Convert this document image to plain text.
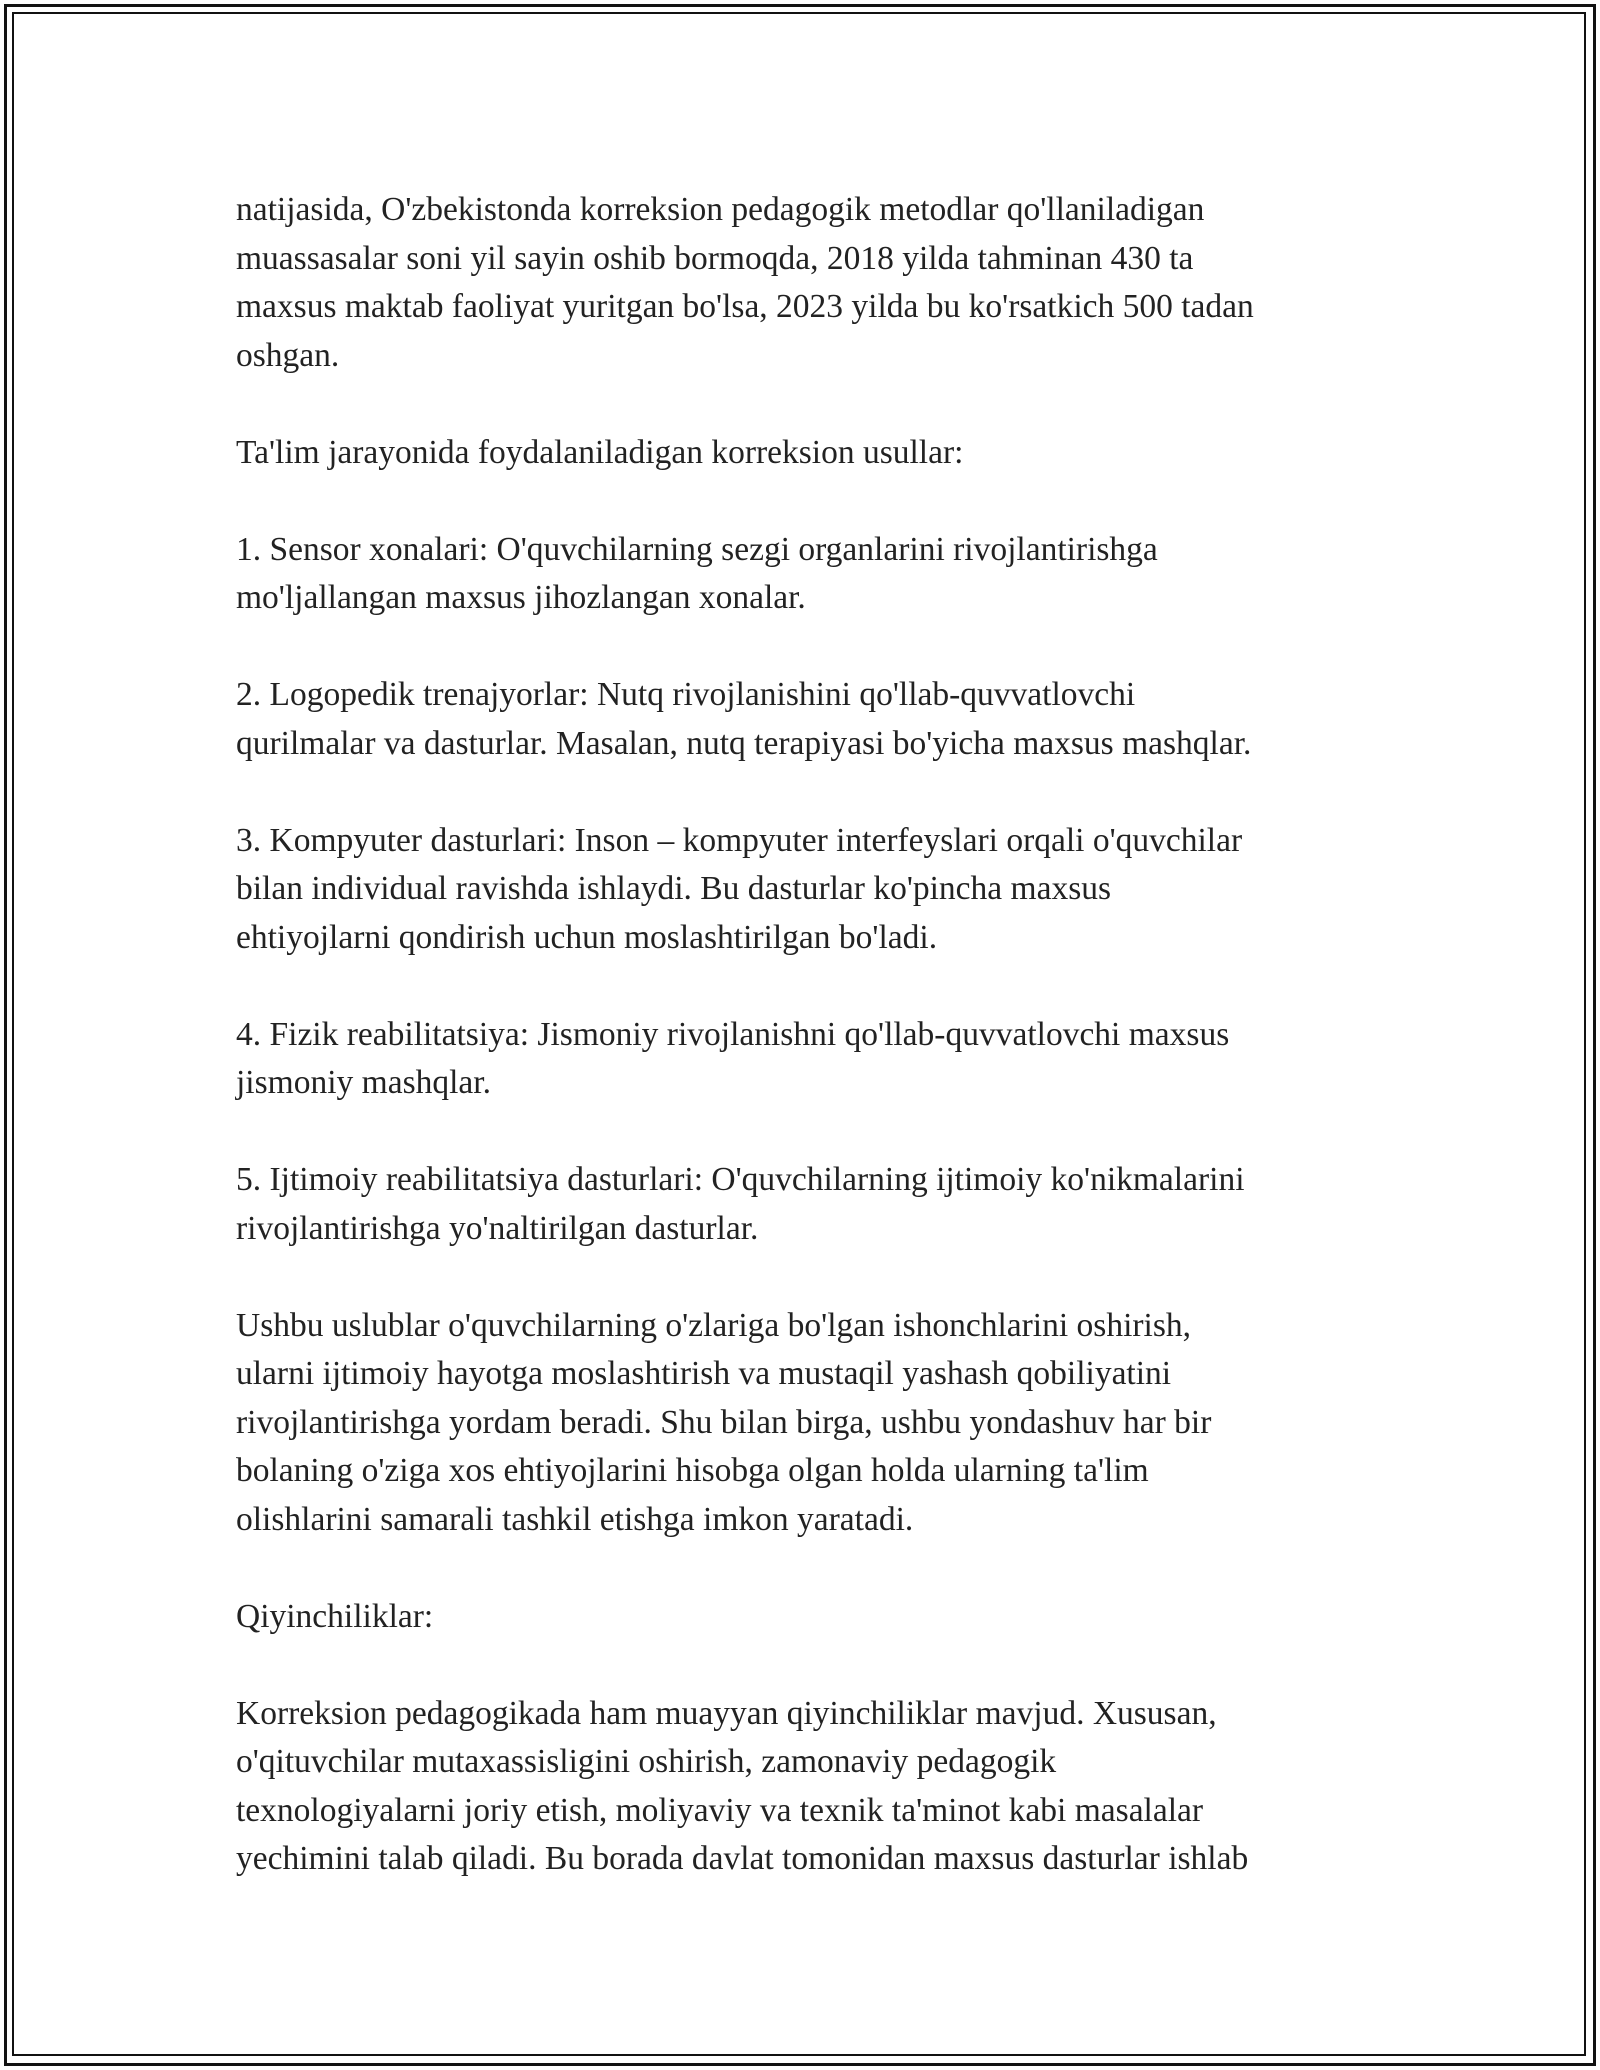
natijasida, O'zbekistonda korreksion pedagogik metodlar qo'llaniladigan
muassasalar soni yil sayin oshib bormoqda, 2018 yilda tahminan 430 ta
maxsus maktab faoliyat yuritgan bo'lsa, 2023 yilda bu ko'rsatkich 500 tadan
oshgan.
Ta'lim jarayonida foydalaniladigan korreksion usullar:
1. Sensor xonalari: O'quvchilarning sezgi organlarini rivojlantirishga
mo'ljallangan maxsus jihozlangan xonalar.
2. Logopedik trenajyorlar: Nutq rivojlanishini qo'llab-quvvatlovchi
qurilmalar va dasturlar. Masalan, nutq terapiyasi bo'yicha maxsus mashqlar.
3. Kompyuter dasturlari: Inson – kompyuter interfeyslari orqali o'quvchilar
bilan individual ravishda ishlaydi. Bu dasturlar ko'pincha maxsus
ehtiyojlarni qondirish uchun moslashtirilgan bo'ladi.
4. Fizik reabilitatsiya: Jismoniy rivojlanishni qo'llab-quvvatlovchi maxsus
jismoniy mashqlar.
5. Ijtimoiy reabilitatsiya dasturlari: O'quvchilarning ijtimoiy ko'nikmalarini
rivojlantirishga yo'naltirilgan dasturlar.
Ushbu uslublar o'quvchilarning o'zlariga bo'lgan ishonchlarini oshirish,
ularni ijtimoiy hayotga moslashtirish va mustaqil yashash qobiliyatini
rivojlantirishga yordam beradi. Shu bilan birga, ushbu yondashuv har bir
bolaning o'ziga xos ehtiyojlarini hisobga olgan holda ularning ta'lim
olishlarini samarali tashkil etishga imkon yaratadi.
Qiyinchiliklar:
Korreksion pedagogikada ham muayyan qiyinchiliklar mavjud. Xususan,
o'qituvchilar mutaxassisligini oshirish, zamonaviy pedagogik
texnologiyalarni joriy etish, moliyaviy va texnik ta'minot kabi masalalar
yechimini talab qiladi. Bu borada davlat tomonidan maxsus dasturlar ishlab
